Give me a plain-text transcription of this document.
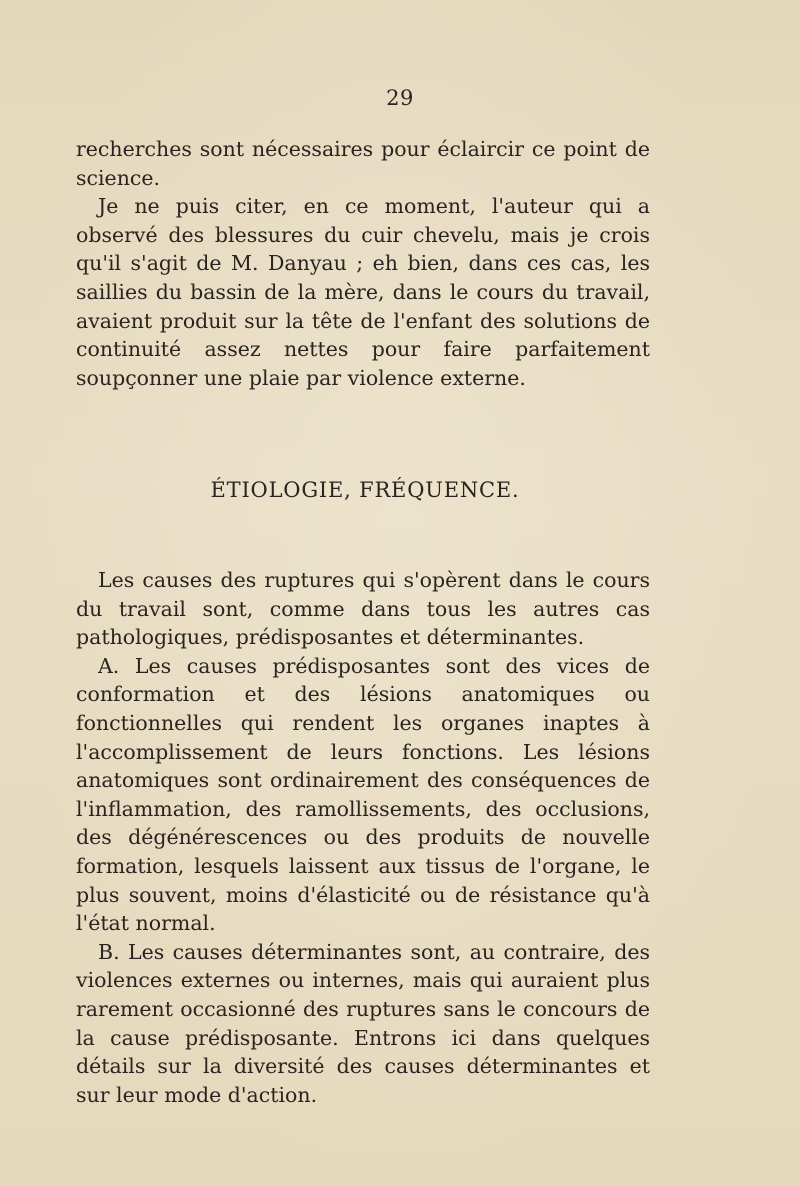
29

recherches sont nécessaires pour éclaircir ce point de science.

Je ne puis citer, en ce moment, l'auteur qui a observé des blessures du cuir chevelu, mais je crois qu'il s'agit de M. Danyau ; eh bien, dans ces cas, les saillies du bassin de la mère, dans le cours du travail, avaient produit sur la tête de l'enfant des solutions de continuité assez nettes pour faire parfaitement soupçonner une plaie par violence externe.

ÉTIOLOGIE, FRÉQUENCE.

Les causes des ruptures qui s'opèrent dans le cours du travail sont, comme dans tous les autres cas pathologiques, prédisposantes et déterminantes.

A. Les causes prédisposantes sont des vices de conformation et des lésions anatomiques ou fonctionnelles qui rendent les organes inaptes à l'accomplissement de leurs fonctions. Les lésions anatomiques sont ordinairement des conséquences de l'inflammation, des ramollissements, des occlusions, des dégénérescences ou des produits de nouvelle formation, lesquels laissent aux tissus de l'organe, le plus souvent, moins d'élasticité ou de résistance qu'à l'état normal.

B. Les causes déterminantes sont, au contraire, des violences externes ou internes, mais qui auraient plus rarement occasionné des ruptures sans le concours de la cause prédisposante. Entrons ici dans quelques détails sur la diversité des causes déterminantes et sur leur mode d'action.
